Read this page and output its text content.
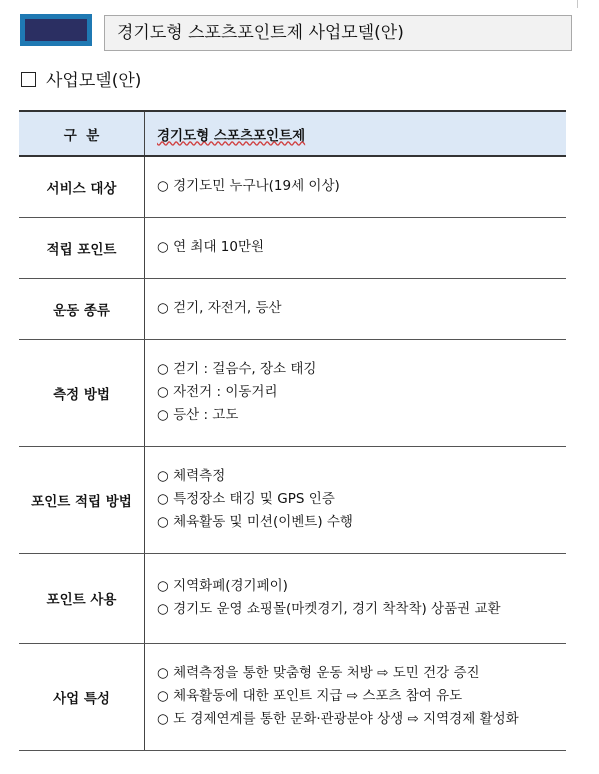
경기도형 스포츠포인트제 사업모델(안)
사업모델(안)
구  분	경기도형 스포츠포인트제
서비스 대상	○ 경기도민 누구나(19세 이상)

적립 포인트	○ 연 최대 10만원

운동 종류	○ 걷기, 자전거, 등산

측정 방법	○ 걷기 : 걸음수, 장소 태깅
○ 자전거 : 이동거리
○ 등산 : 고도

포인트 적립 방법	○ 체력측정
○ 특정장소 태깅 및 GPS 인증
○ 체육활동 및 미션(이벤트) 수행

포인트 사용	○ 지역화폐(경기페이)
○ 경기도 운영 쇼핑몰(마켓경기, 경기 착착착) 상품권 교환

사업 특성	○ 체력측정을 통한 맞춤형 운동 처방 ⇨ 도민 건강 증진
○ 체육활동에 대한 포인트 지급 ⇨ 스포츠 참여 유도
○ 도 경제연계를 통한 문화·관광분야 상생 ⇨ 지역경제 활성화
